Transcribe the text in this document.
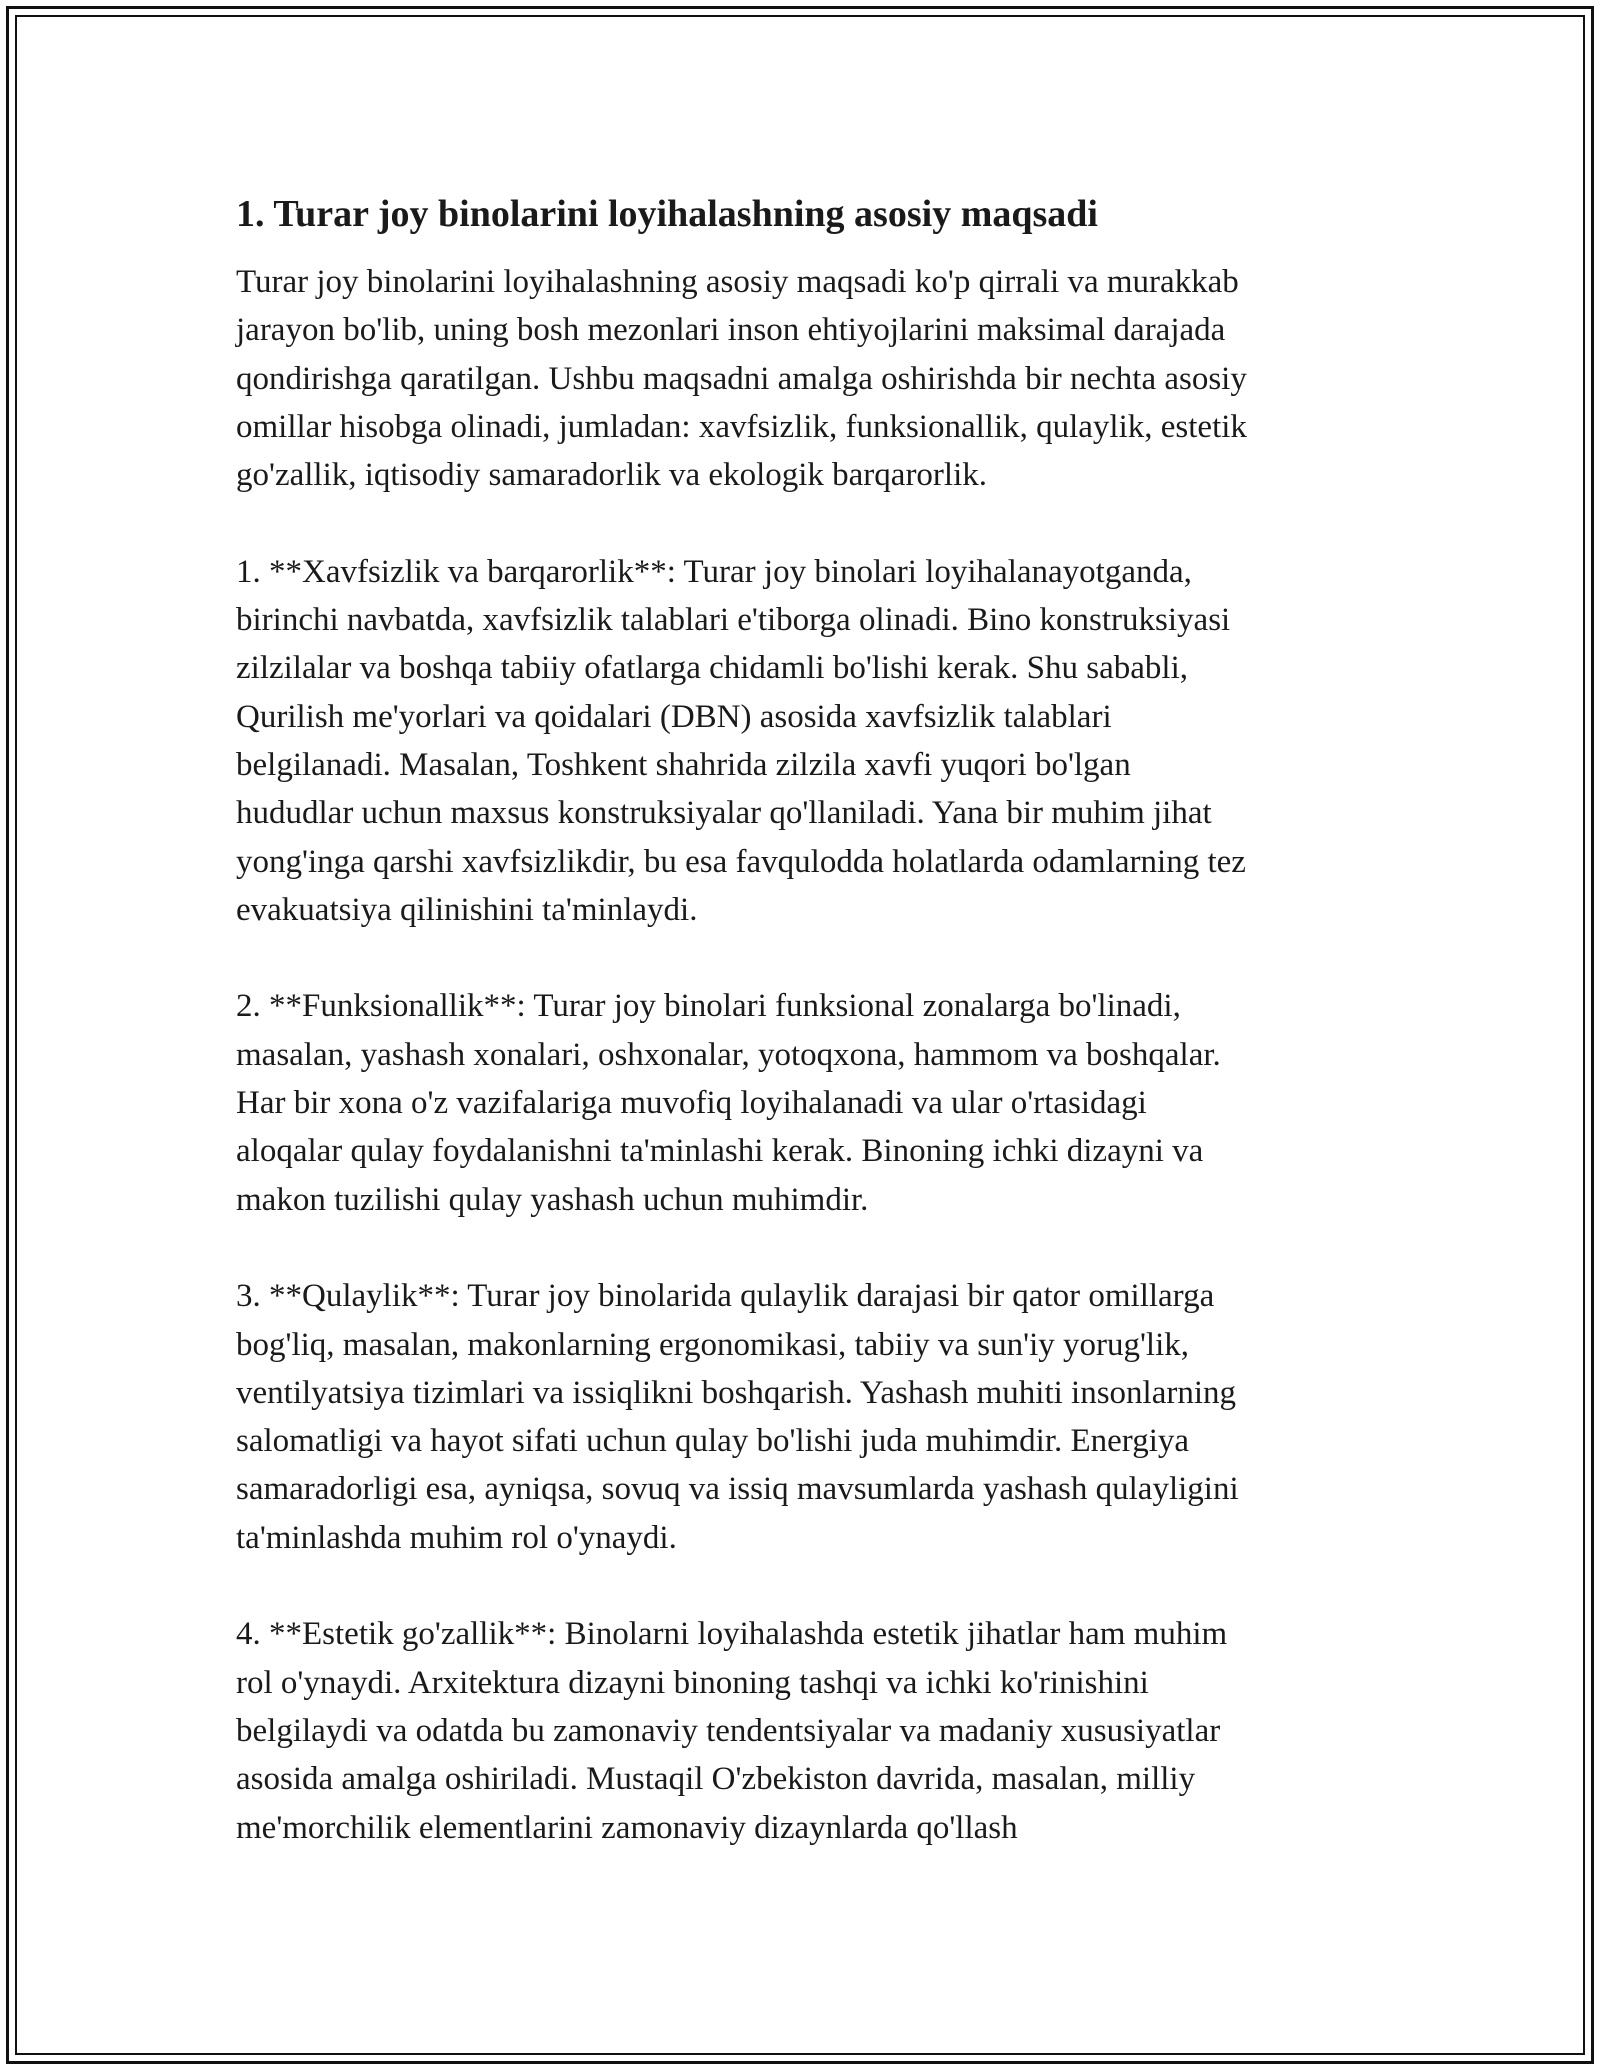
1. Turar joy binolarini loyihalashning asosiy maqsadi

Turar joy binolarini loyihalashning asosiy maqsadi ko'p qirrali va murakkab
jarayon bo'lib, uning bosh mezonlari inson ehtiyojlarini maksimal darajada
qondirishga qaratilgan. Ushbu maqsadni amalga oshirishda bir nechta asosiy
omillar hisobga olinadi, jumladan: xavfsizlik, funksionallik, qulaylik, estetik
go'zallik, iqtisodiy samaradorlik va ekologik barqarorlik.

1. **Xavfsizlik va barqarorlik**: Turar joy binolari loyihalanayotganda,
birinchi navbatda, xavfsizlik talablari e'tiborga olinadi. Bino konstruksiyasi
zilzilalar va boshqa tabiiy ofatlarga chidamli bo'lishi kerak. Shu sababli,
Qurilish me'yorlari va qoidalari (DBN) asosida xavfsizlik talablari
belgilanadi. Masalan, Toshkent shahrida zilzila xavfi yuqori bo'lgan
hududlar uchun maxsus konstruksiyalar qo'llaniladi. Yana bir muhim jihat
yong'inga qarshi xavfsizlikdir, bu esa favqulodda holatlarda odamlarning tez
evakuatsiya qilinishini ta'minlaydi.

2. **Funksionallik**: Turar joy binolari funksional zonalarga bo'linadi,
masalan, yashash xonalari, oshxonalar, yotoqxona, hammom va boshqalar.
Har bir xona o'z vazifalariga muvofiq loyihalanadi va ular o'rtasidagi
aloqalar qulay foydalanishni ta'minlashi kerak. Binoning ichki dizayni va
makon tuzilishi qulay yashash uchun muhimdir.

3. **Qulaylik**: Turar joy binolarida qulaylik darajasi bir qator omillarga
bog'liq, masalan, makonlarning ergonomikasi, tabiiy va sun'iy yorug'lik,
ventilyatsiya tizimlari va issiqlikni boshqarish. Yashash muhiti insonlarning
salomatligi va hayot sifati uchun qulay bo'lishi juda muhimdir. Energiya
samaradorligi esa, ayniqsa, sovuq va issiq mavsumlarda yashash qulayligini
ta'minlashda muhim rol o'ynaydi.

4. **Estetik go'zallik**: Binolarni loyihalashda estetik jihatlar ham muhim
rol o'ynaydi. Arxitektura dizayni binoning tashqi va ichki ko'rinishini
belgilaydi va odatda bu zamonaviy tendentsiyalar va madaniy xususiyatlar
asosida amalga oshiriladi. Mustaqil O'zbekiston davrida, masalan, milliy
me'morchilik elementlarini zamonaviy dizaynlarda qo'llash
